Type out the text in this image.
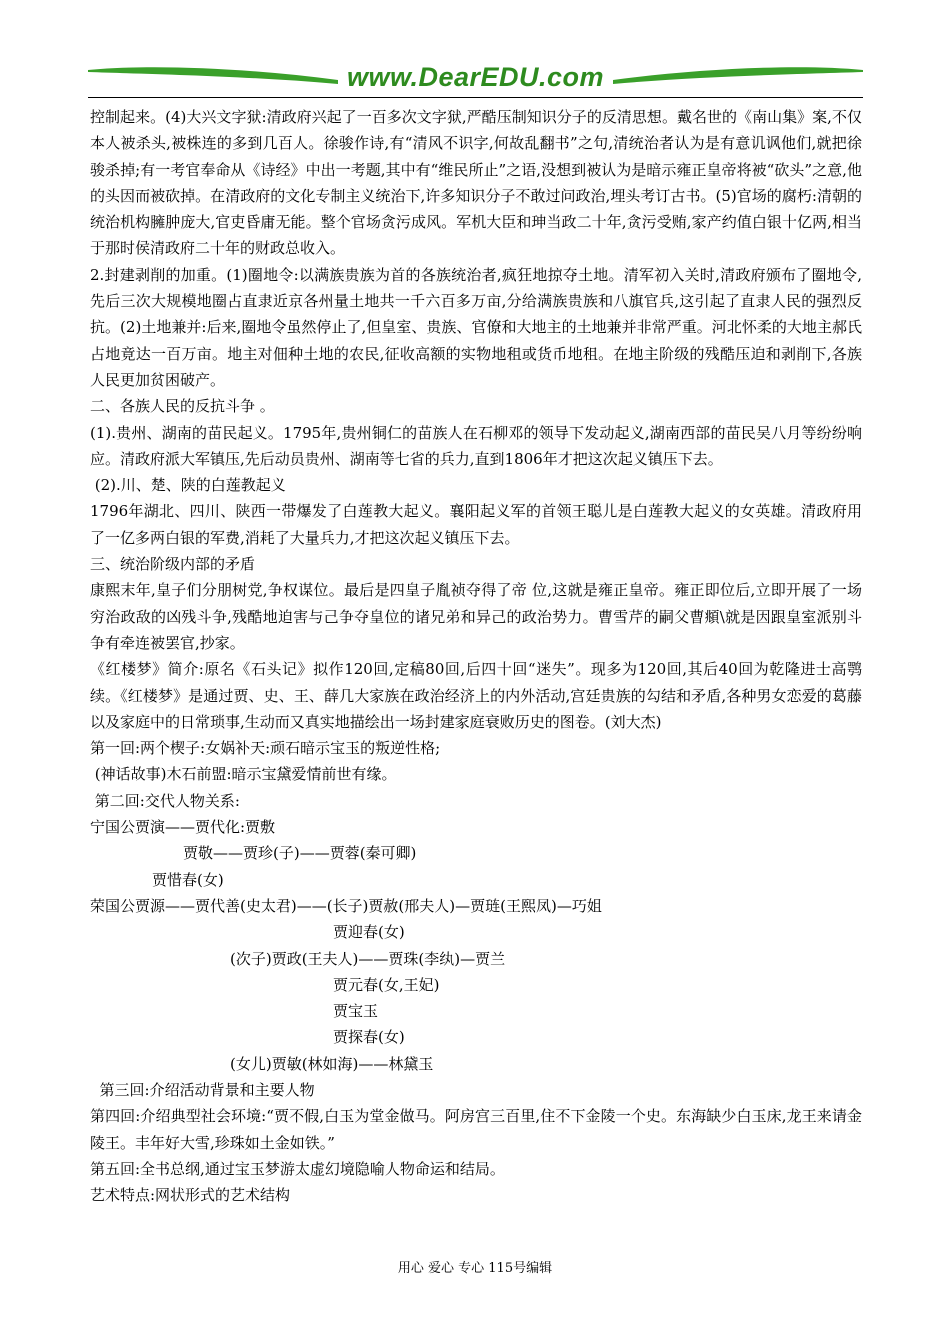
www.DearEDU.com

控制起来。(4)大兴文字狱:清政府兴起了一百多次文字狱,严酷压制知识分子的反清思想。戴名世的《南山集》案,不仅本人被杀头,被株连的多到几百人。徐骏作诗,有“清风不识字,何故乱翻书”之句,清统治者认为是有意讥讽他们,就把徐骏杀掉;有一考官奉命从《诗经》中出一考题,其中有“维民所止”之语,没想到被认为是暗示雍正皇帝将被“砍头”之意,他的头因而被砍掉。在清政府的文化专制主义统治下,许多知识分子不敢过问政治,埋头考订古书。(5)官场的腐朽:清朝的统治机构臃肿庞大,官吏昏庸无能。整个官场贪污成风。军机大臣和珅当政二十年,贪污受贿,家产约值白银十亿两,相当于那时侯清政府二十年的财政总收入。

2.封建剥削的加重。(1)圈地令:以满族贵族为首的各族统治者,疯狂地掠夺土地。清军初入关时,清政府颁布了圈地令,先后三次大规模地圈占直隶近京各州量土地共一千六百多万亩,分给满族贵族和八旗官兵,这引起了直隶人民的强烈反抗。(2)土地兼并:后来,圈地令虽然停止了,但皇室、贵族、官僚和大地主的土地兼并非常严重。河北怀柔的大地主郝氏占地竟达一百万亩。地主对佃种土地的农民,征收高额的实物地租或货币地租。在地主阶级的残酷压迫和剥削下,各族人民更加贫困破产。

二、各族人民的反抗斗争 。

(1).贵州、湖南的苗民起义。1795年,贵州铜仁的苗族人在石柳邓的领导下发动起义,湖南西部的苗民吴八月等纷纷响应。清政府派大军镇压,先后动员贵州、湖南等七省的兵力,直到1806年才把这次起义镇压下去。

(2).川、楚、陕的白莲教起义

1796年湖北、四川、陕西一带爆发了白莲教大起义。襄阳起义军的首领王聪儿是白莲教大起义的女英雄。清政府用了一亿多两白银的军费,消耗了大量兵力,才把这次起义镇压下去。

三、统治阶级内部的矛盾

康熙末年,皇子们分朋树党,争权谋位。最后是四皇子胤祯夺得了帝 位,这就是雍正皇帝。雍正即位后,立即开展了一场穷治政敌的凶残斗争,残酷地迫害与己争夺皇位的诸兄弟和异己的政治势力。曹雪芹的嗣父曹頫\就是因跟皇室派别斗争有牵连被罢官,抄家。

《红楼梦》简介:原名《石头记》拟作120回,定稿80回,后四十回“迷失”。现多为120回,其后40回为乾隆进士高鹗续。《红楼梦》是通过贾、史、王、薛几大家族在政治经济上的内外活动,宫廷贵族的勾结和矛盾,各种男女恋爱的葛藤以及家庭中的日常琐事,生动而又真实地描绘出一场封建家庭衰败历史的图卷。(刘大杰)

第一回:两个楔子:女娲补天:顽石暗示宝玉的叛逆性格;

(神话故事)木石前盟:暗示宝黛爱情前世有缘。

第二回:交代人物关系:

宁国公贾演——贾代化:贾敷

贾敬——贾珍(子)——贾蓉(秦可卿)

贾惜春(女)

荣国公贾源——贾代善(史太君)——(长子)贾赦(邢夫人)—贾琏(王熙凤)—巧姐

贾迎春(女)

(次子)贾政(王夫人)——贾珠(李纨)—贾兰

贾元春(女,王妃)

贾宝玉

贾探春(女)

(女儿)贾敏(林如海)——林黛玉

第三回:介绍活动背景和主要人物

第四回:介绍典型社会环境:“贾不假,白玉为堂金做马。阿房宫三百里,住不下金陵一个史。东海缺少白玉床,龙王来请金陵王。丰年好大雪,珍珠如土金如铁。”

第五回:全书总纲,通过宝玉梦游太虚幻境隐喻人物命运和结局。

艺术特点:网状形式的艺术结构

用心 爱心 专心 115号编辑
